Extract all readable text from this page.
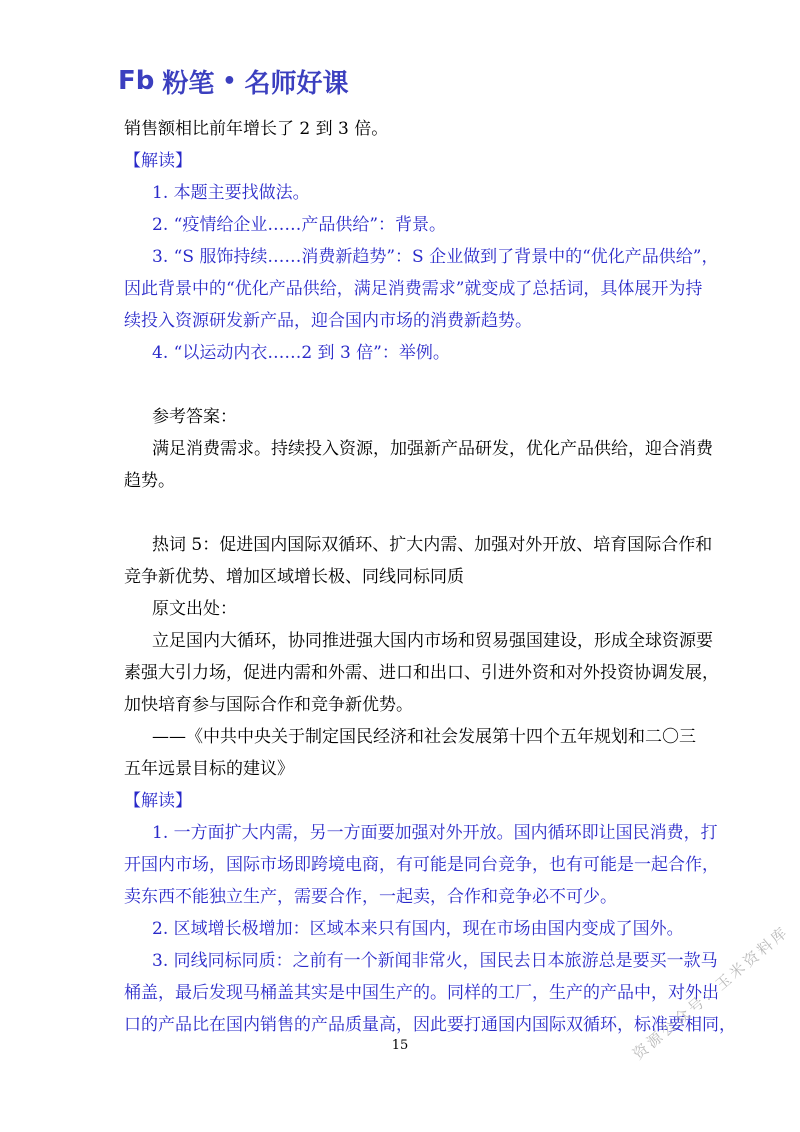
Fb 粉笔 • 名师好课
销售额相比前年增长了 2 到 3 倍。
【解读】
1. 本题主要找做法。
2. “疫情给企业……产品供给”：背景。
3. “S 服饰持续……消费新趋势”：S 企业做到了背景中的“优化产品供给”，
因此背景中的“优化产品供给，满足消费需求”就变成了总括词，具体展开为持
续投入资源研发新产品，迎合国内市场的消费新趋势。
4. “以运动内衣……2 到 3 倍”：举例。
参考答案：
满足消费需求。持续投入资源，加强新产品研发，优化产品供给，迎合消费
趋势。
热词 5：促进国内国际双循环、扩大内需、加强对外开放、培育国际合作和
竞争新优势、增加区域增长极、同线同标同质
原文出处：
立足国内大循环，协同推进强大国内市场和贸易强国建设，形成全球资源要
素强大引力场，促进内需和外需、进口和出口、引进外资和对外投资协调发展，
加快培育参与国际合作和竞争新优势。
——《中共中央关于制定国民经济和社会发展第十四个五年规划和二〇三
五年远景目标的建议》
【解读】
1. 一方面扩大内需，另一方面要加强对外开放。国内循环即让国民消费，打
开国内市场，国际市场即跨境电商，有可能是同台竞争，也有可能是一起合作，
卖东西不能独立生产，需要合作，一起卖，合作和竞争必不可少。
2. 区域增长极增加：区域本来只有国内，现在市场由国内变成了国外。
3. 同线同标同质：之前有一个新闻非常火，国民去日本旅游总是要买一款马
桶盖，最后发现马桶盖其实是中国生产的。同样的工厂，生产的产品中，对外出
口的产品比在国内销售的产品质量高，因此要打通国内国际双循环，标准要相同，
15	资源公众号：玉米资料库
